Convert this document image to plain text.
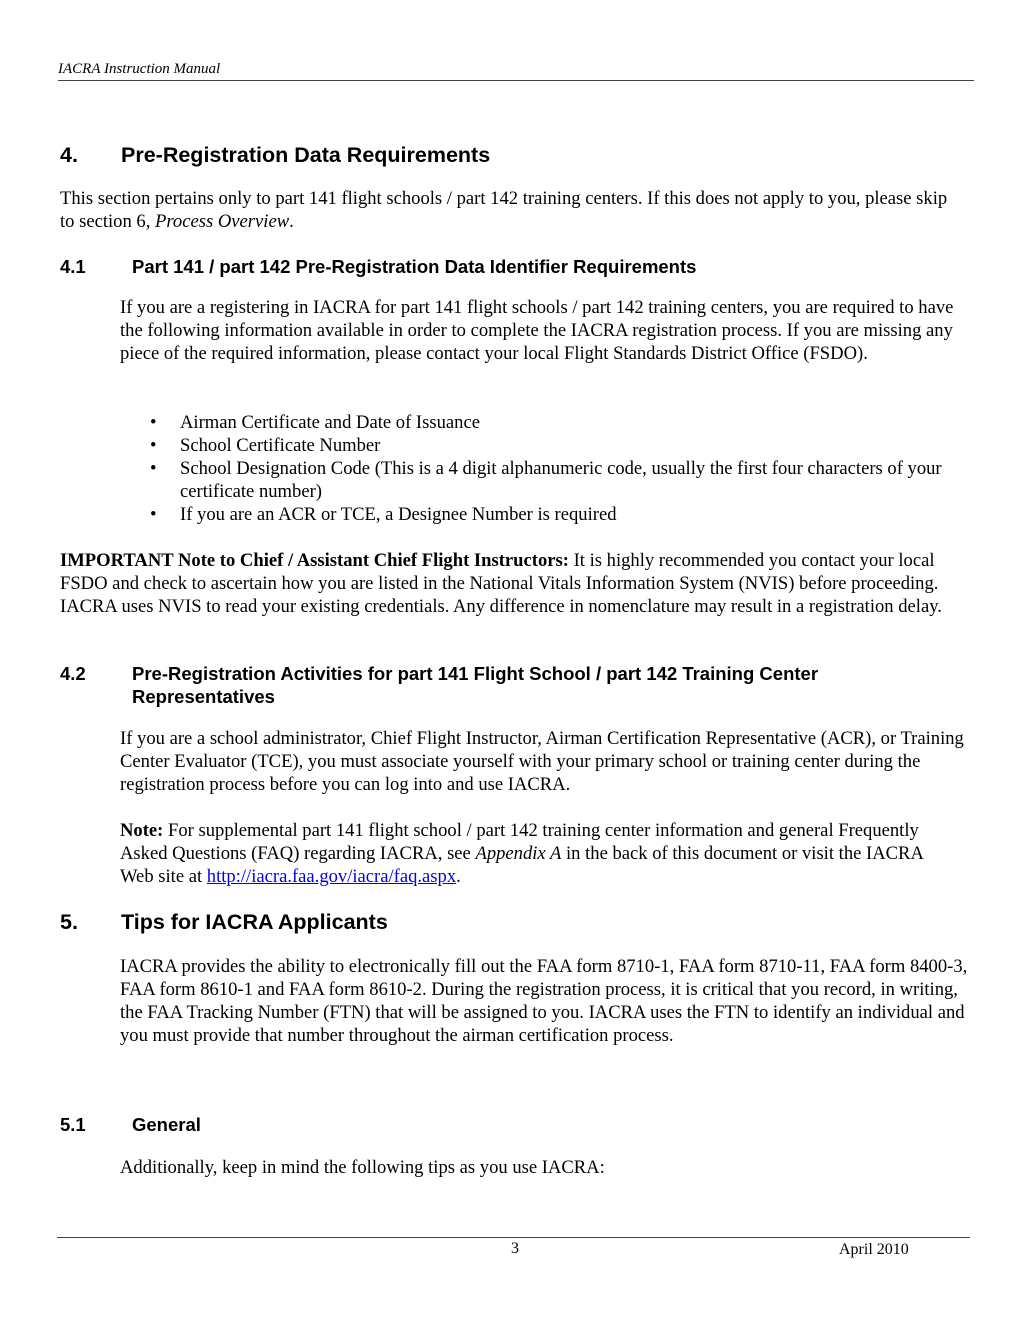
IACRA Instruction Manual
4. Pre-Registration Data Requirements
This section pertains only to part 141 flight schools / part 142 training centers. If this does not apply to you, please skip to section 6, Process Overview.
4.1	Part 141 / part 142 Pre-Registration Data Identifier Requirements
If you are a registering in IACRA for part 141 flight schools / part 142 training centers, you are required to have the following information available in order to complete the IACRA registration process. If you are missing any piece of the required information, please contact your local Flight Standards District Office (FSDO).
• Airman Certificate and Date of Issuance
• School Certificate Number
• School Designation Code (This is a 4 digit alphanumeric code, usually the first four characters of your certificate number)
• If you are an ACR or TCE, a Designee Number is required
IMPORTANT Note to Chief / Assistant Chief Flight Instructors: It is highly recommended you contact your local FSDO and check to ascertain how you are listed in the National Vitals Information System (NVIS) before proceeding. IACRA uses NVIS to read your existing credentials. Any difference in nomenclature may result in a registration delay.
4.2	Pre-Registration Activities for part 141 Flight School / part 142 Training Center Representatives
If you are a school administrator, Chief Flight Instructor, Airman Certification Representative (ACR), or Training Center Evaluator (TCE), you must associate yourself with your primary school or training center during the registration process before you can log into and use IACRA.
Note: For supplemental part 141 flight school / part 142 training center information and general Frequently Asked Questions (FAQ) regarding IACRA, see Appendix A in the back of this document or visit the IACRA Web site at http://iacra.faa.gov/iacra/faq.aspx.
5. Tips for IACRA Applicants
IACRA provides the ability to electronically fill out the FAA form 8710-1, FAA form 8710-11, FAA form 8400-3, FAA form 8610-1 and FAA form 8610-2. During the registration process, it is critical that you record, in writing, the FAA Tracking Number (FTN) that will be assigned to you. IACRA uses the FTN to identify an individual and you must provide that number throughout the airman certification process.
5.1	General
Additionally, keep in mind the following tips as you use IACRA:
3	April 2010
